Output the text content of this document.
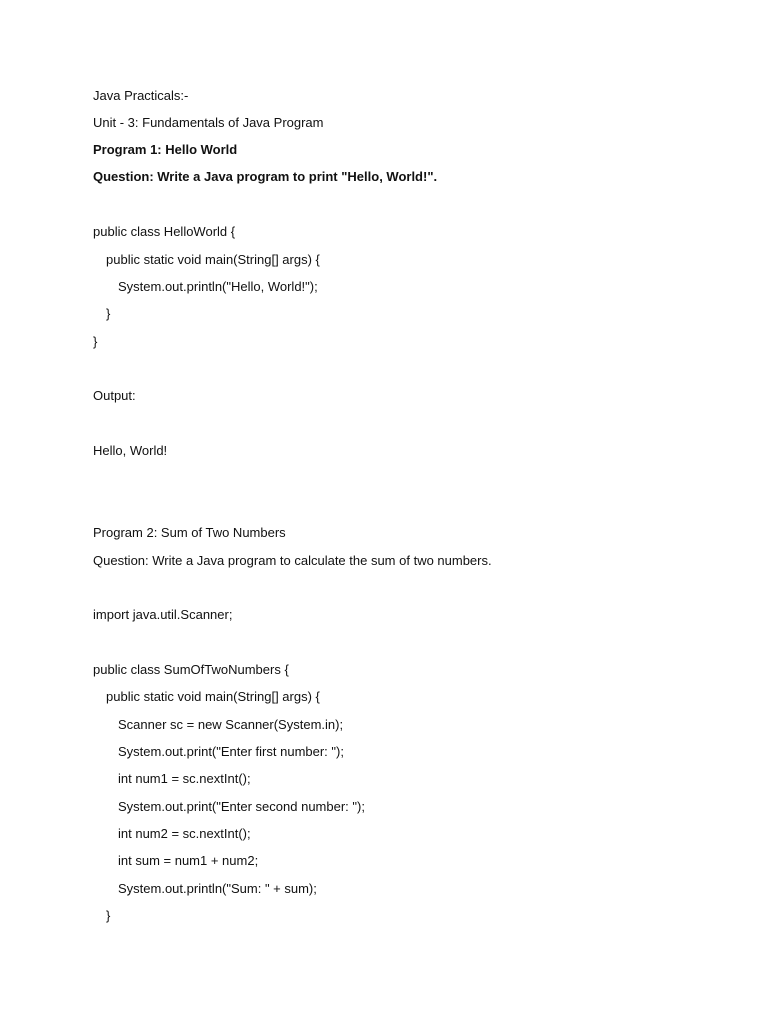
Java Practicals:-
Unit - 3: Fundamentals of Java Program
Program 1: Hello World
Question: Write a Java program to print "Hello, World!".
public class HelloWorld {
public static void main(String[] args) {
System.out.println("Hello, World!");
}
}
Output:
Hello, World!
Program 2: Sum of Two Numbers
Question: Write a Java program to calculate the sum of two numbers.
import java.util.Scanner;
public class SumOfTwoNumbers {
public static void main(String[] args) {
Scanner sc = new Scanner(System.in);
System.out.print("Enter first number: ");
int num1 = sc.nextInt();
System.out.print("Enter second number: ");
int num2 = sc.nextInt();
int sum = num1 + num2;
System.out.println("Sum: " + sum);
}
